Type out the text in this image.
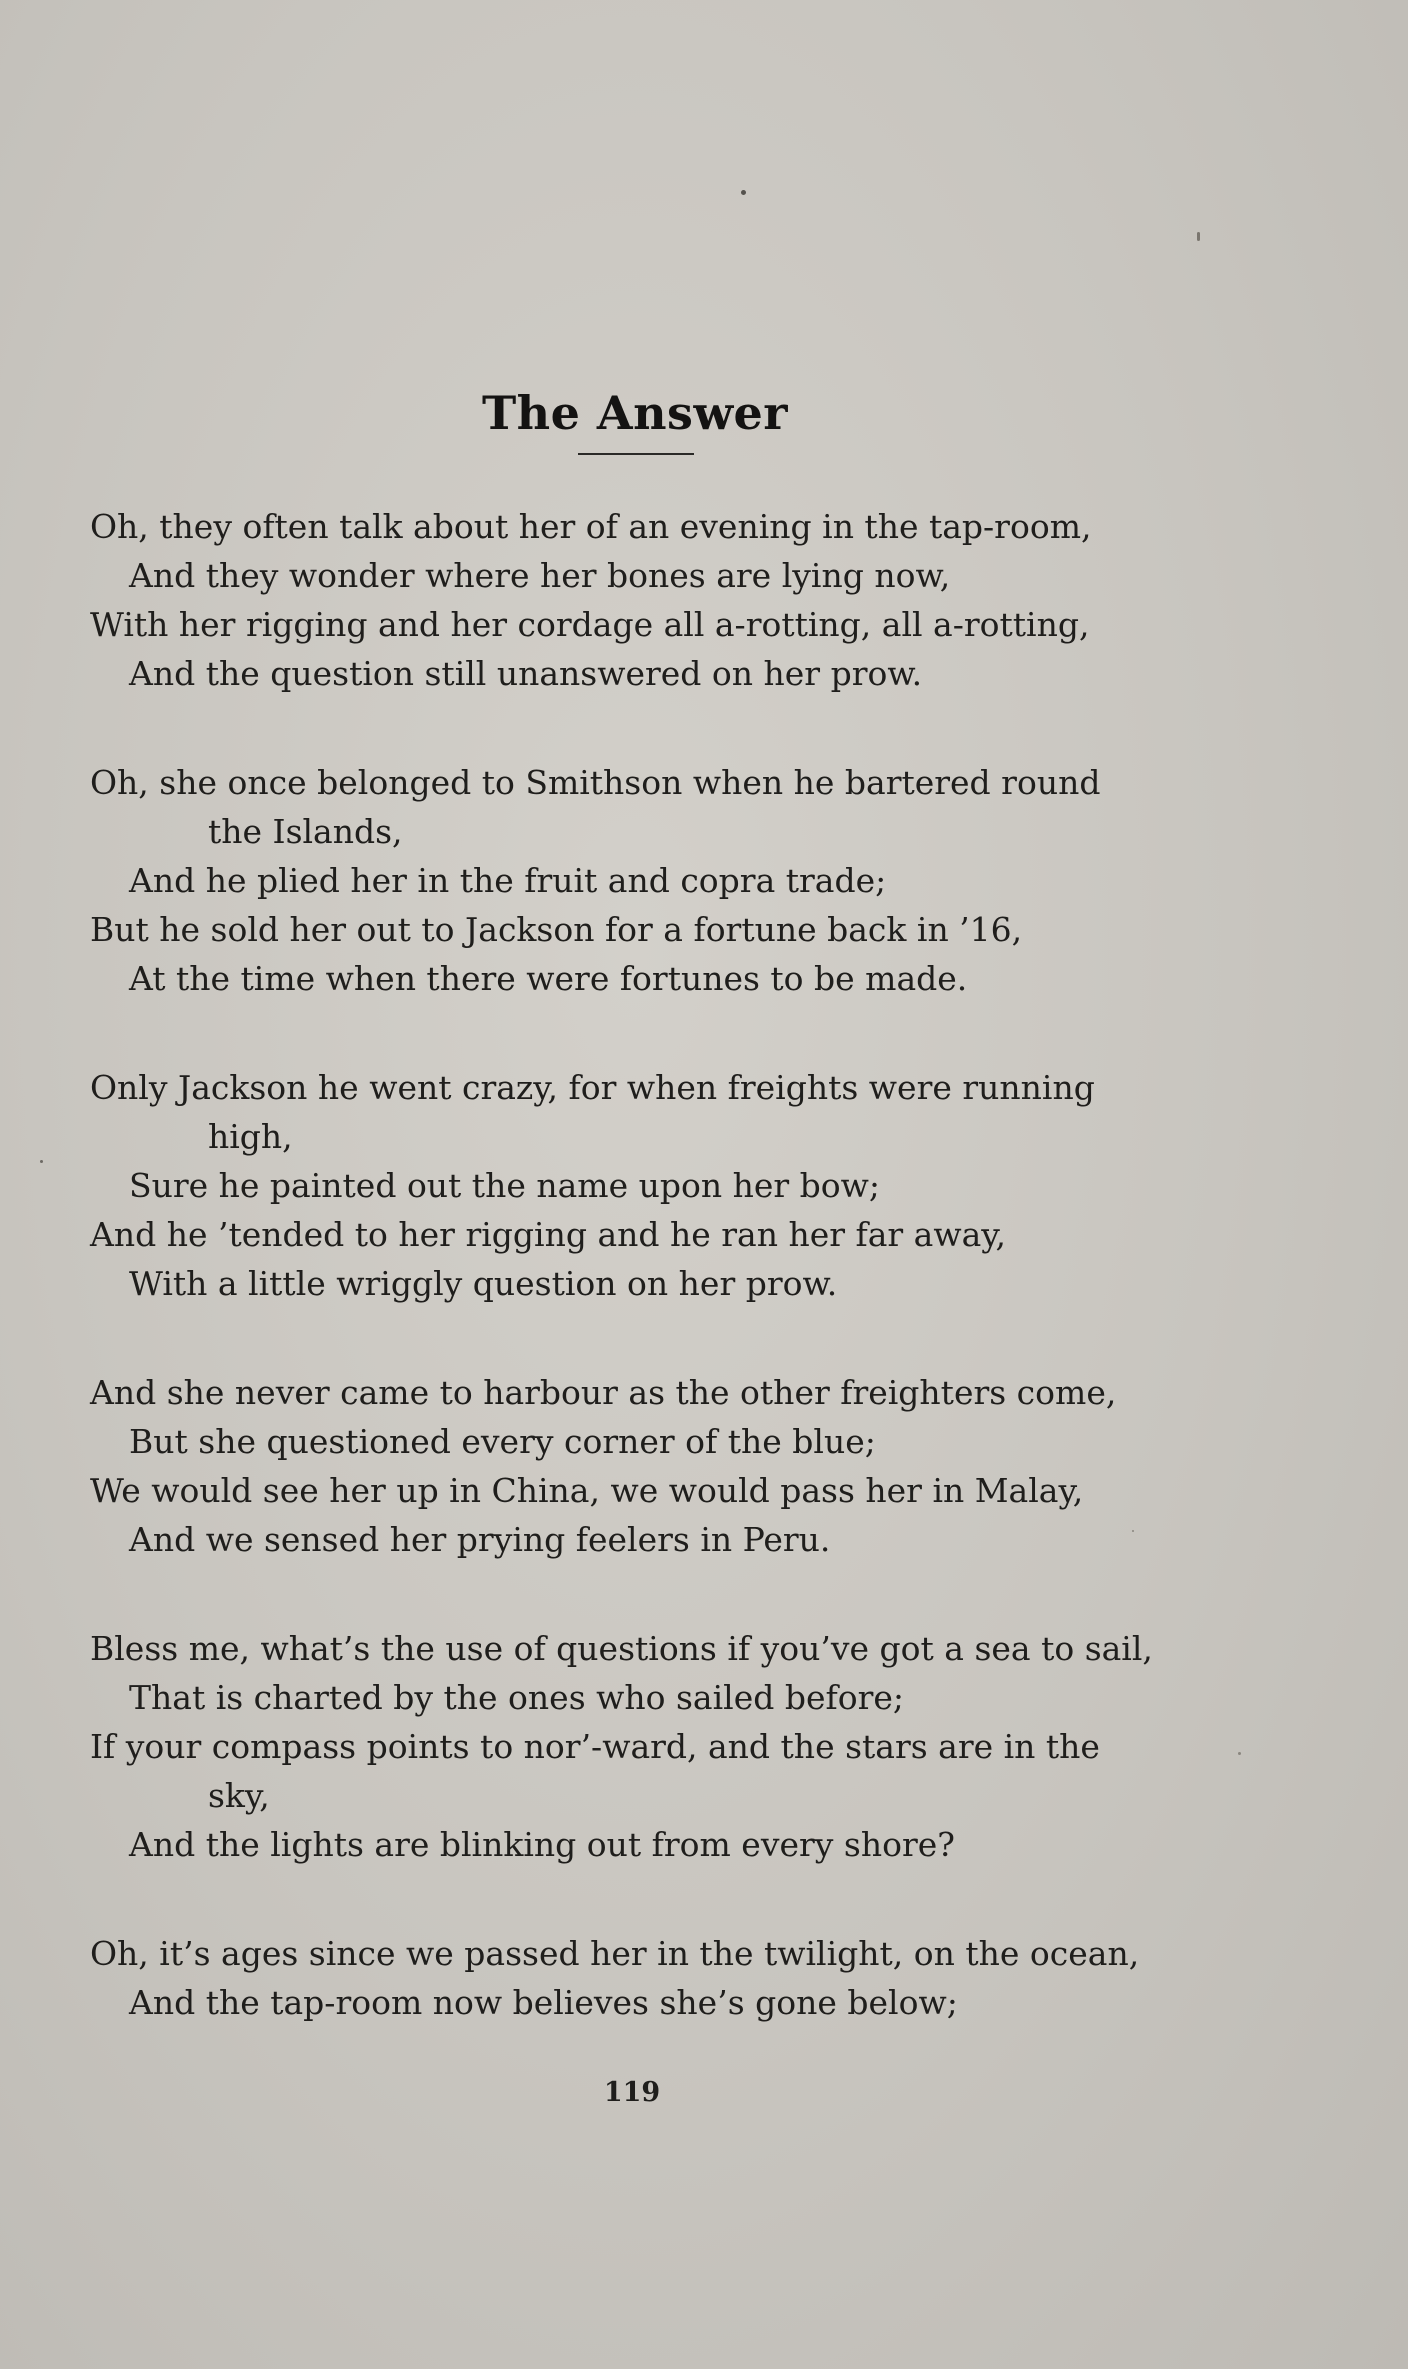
The Answer
Oh, they often talk about her of an evening in the tap-room,
And they wonder where her bones are lying now,
With her rigging and her cordage all a-rotting, all a-rotting,
And the question still unanswered on her prow.
Oh, she once belonged to Smithson when he bartered round
the Islands,
And he plied her in the fruit and copra trade;
But he sold her out to Jackson for a fortune back in ’16,
At the time when there were fortunes to be made.
Only Jackson he went crazy, for when freights were running
high,
Sure he painted out the name upon her bow;
And he ’tended to her rigging and he ran her far away,
With a little wriggly question on her prow.
And she never came to harbour as the other freighters come,
But she questioned every corner of the blue;
We would see her up in China, we would pass her in Malay,
And we sensed her prying feelers in Peru.
Bless me, what’s the use of questions if you’ve got a sea to sail,
That is charted by the ones who sailed before;
If your compass points to nor’-ward, and the stars are in the
sky,
And the lights are blinking out from every shore?
Oh, it’s ages since we passed her in the twilight, on the ocean,
And the tap-room now believes she’s gone below;
119
